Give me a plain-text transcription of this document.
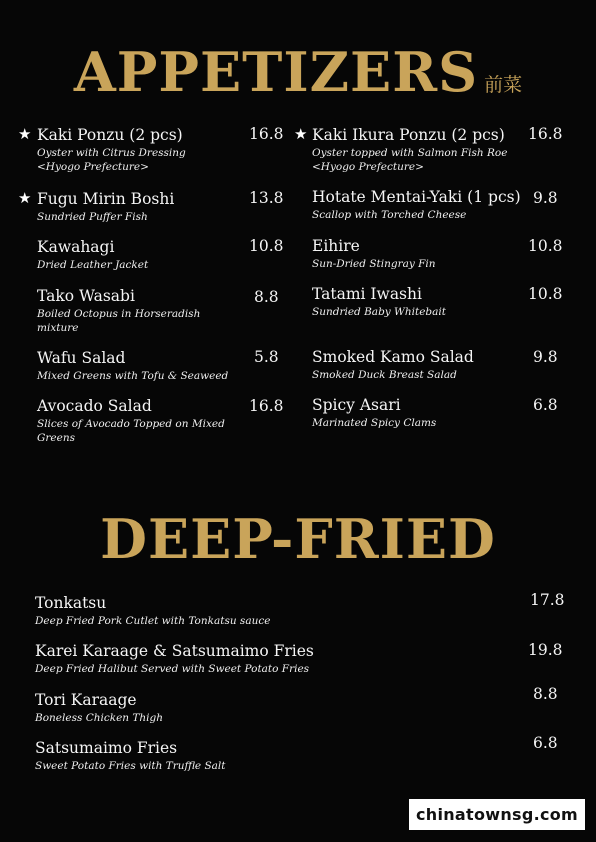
APPETIZERS 前菜
★ Kaki Ponzu (2 pcs)
Oyster with Citrus Dressing <Hyogo Prefecture>
16.8
★ Fugu Mirin Boshi
Sundried Puffer Fish
13.8
Kawahagi
Dried Leather Jacket
10.8
Tako Wasabi
Boiled Octopus in Horseradish mixture
8.8
Wafu Salad
Mixed Greens with Tofu & Seaweed
5.8
Avocado Salad
Slices of Avocado Topped on Mixed Greens
16.8
★ Kaki Ikura Ponzu (2 pcs)
Oyster topped with Salmon Fish Roe <Hyogo Prefecture>
16.8
Hotate Mentai-Yaki (1 pcs)
Scallop with Torched Cheese
9.8
Eihire
Sun-Dried Stingray Fin
10.8
Tatami Iwashi
Sundried Baby Whitebait
10.8
Smoked Kamo Salad
Smoked Duck Breast Salad
9.8
Spicy Asari
Marinated Spicy Clams
6.8
DEEP-FRIED
Tonkatsu
Deep Fried Pork Cutlet with Tonkatsu sauce
17.8
Karei Karaage & Satsumaimo Fries
Deep Fried Halibut Served with Sweet Potato Fries
19.8
Tori Karaage
Boneless Chicken Thigh
8.8
Satsumaimo Fries
Sweet Potato Fries with Truffle Salt
6.8
chinatownsg.com
